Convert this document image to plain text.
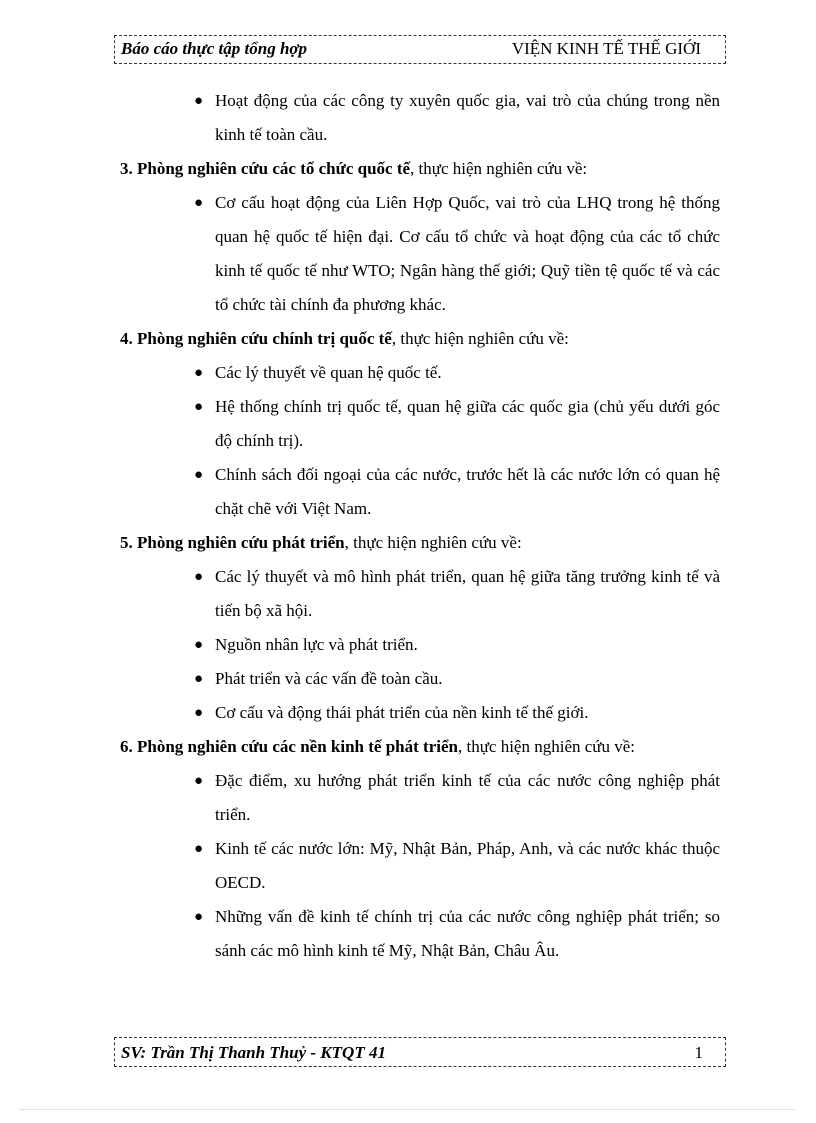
Báo cáo thực tập tổng hợp	VIỆN KINH TẾ THẾ GIỚI
● Hoạt động của các công ty xuyên quốc gia, vai trò của chúng trong nền kinh tế toàn cầu.
3. Phòng nghiên cứu các tổ chức quốc tế, thực hiện nghiên cứu về:
● Cơ cấu hoạt động của Liên Hợp Quốc, vai trò của LHQ trong hệ thống quan hệ quốc tế hiện đại. Cơ cấu tổ chức và hoạt động của các tổ chức kinh tế quốc tế như WTO; Ngân hàng thế giới; Quỹ tiền tệ quốc tế và các tổ chức tài chính đa phương khác.
4. Phòng nghiên cứu chính trị quốc tế, thực hiện nghiên cứu về:
● Các lý thuyết về quan hệ quốc tế.
● Hệ thống chính trị quốc tế, quan hệ giữa các quốc gia (chủ yếu dưới góc độ chính trị).
● Chính sách đối ngoại của các nước, trước hết là các nước lớn có quan hệ chặt chẽ với Việt Nam.
5. Phòng nghiên cứu phát triển, thực hiện nghiên cứu về:
● Các lý thuyết và mô hình phát triển, quan hệ giữa tăng trưởng kinh tế và tiến bộ xã hội.
● Nguồn nhân lực và phát triển.
● Phát triển và các vấn đề toàn cầu.
● Cơ cấu và động thái phát triển của nền kinh tế thế giới.
6. Phòng nghiên cứu các nền kinh tế phát triển, thực hiện nghiên cứu về:
● Đặc điểm, xu hướng phát triển kinh tế của các nước công nghiệp phát triển.
● Kinh tế các nước lớn: Mỹ, Nhật Bản, Pháp, Anh, và các nước khác thuộc OECD.
● Những vấn đề kinh tế chính trị của các nước công nghiệp phát triển; so sánh các mô hình kinh tế Mỹ, Nhật Bản, Châu Âu.
SV: Trần Thị Thanh Thuỷ - KTQT 41	1
